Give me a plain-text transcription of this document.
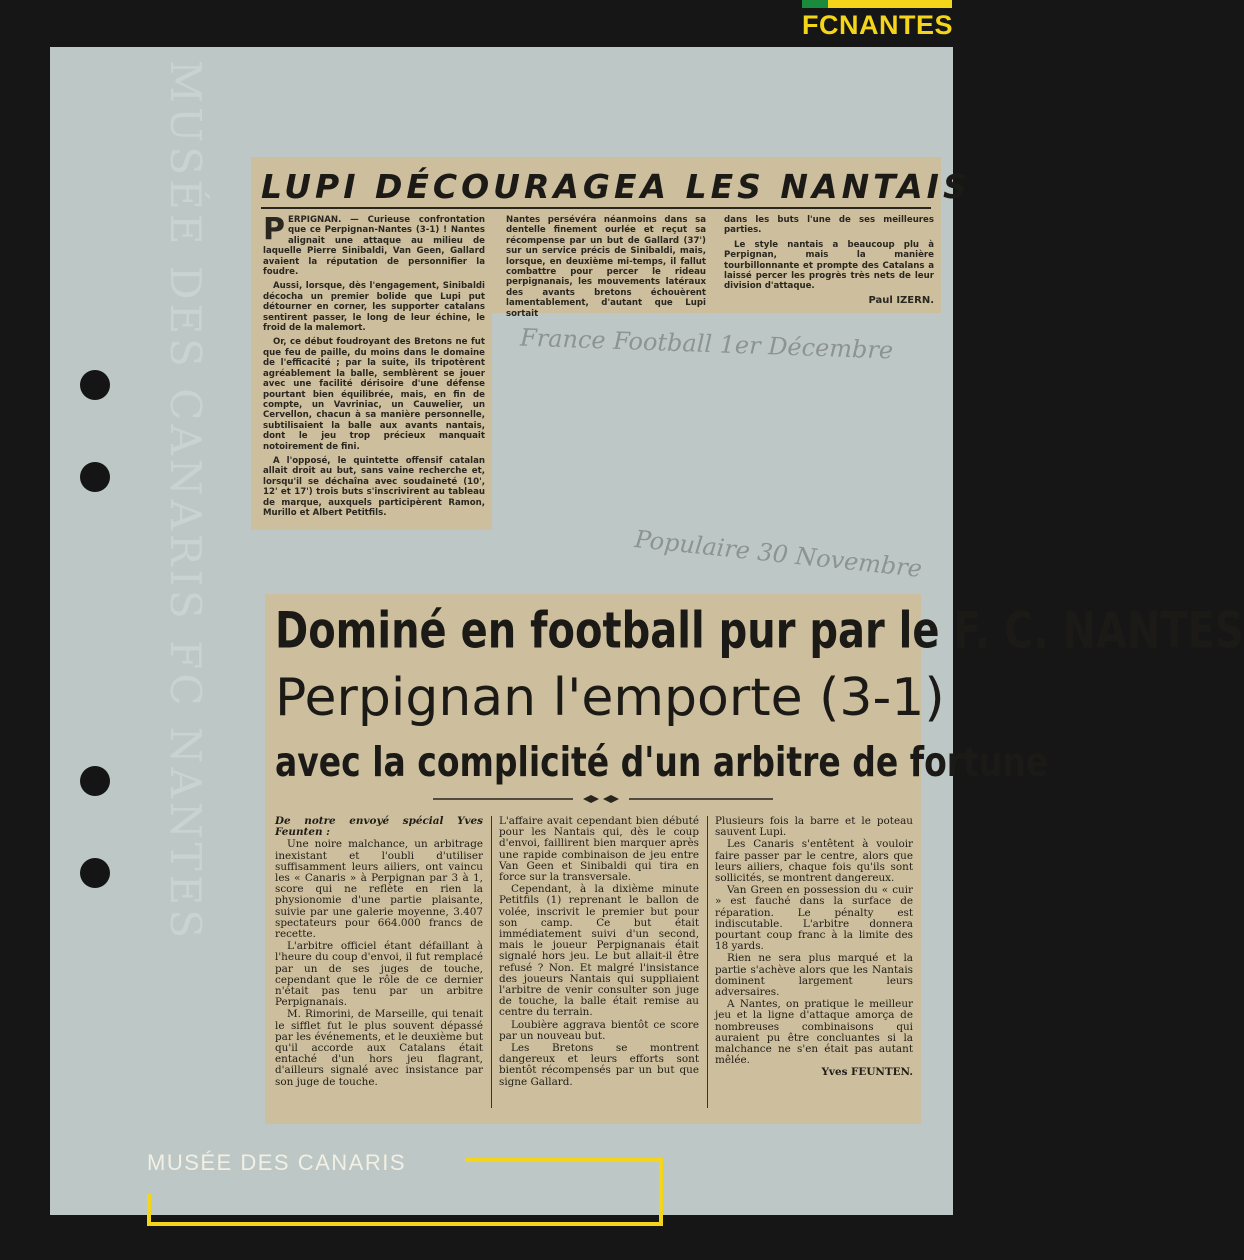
MUSÉE DES CANARIS FC NANTES
FCNANTES
LUPI DÉCOURAGEA LES NANTAIS
P ERPIGNAN. — Curieuse confrontation que ce Perpignan-Nantes (3-1) ! Nantes alignait une attaque au milieu de laquelle Pierre Sinibaldi, Van Geen, Gallard avaient la réputation de personnifier la foudre.

Aussi, lorsque, dès l'engagement, Sinibaldi décocha un premier bolide que Lupi put détourner en corner, les supporter catalans sentirent passer, le long de leur échine, le froid de la malemort.

Or, ce début foudroyant des Bretons ne fut que feu de paille, du moins dans le domaine de l'efficacité ; par la suite, ils tripotèrent agréablement la balle, semblèrent se jouer avec une facilité dérisoire d'une défense pourtant bien équilibrée, mais, en fin de compte, un Vavriniac, un Cauwelier, un Cervellon, chacun à sa manière personnelle, subtilisaient la balle aux avants nantais, dont le jeu trop précieux manquait notoirement de fini.

A l'opposé, le quintette offensif catalan allait droit au but, sans vaine recherche et, lorsqu'il se déchaîna avec soudaineté (10', 12' et 17') trois buts s'inscrivirent au tableau de marque, auxquels participèrent Ramon, Murillo et Albert Petitfils.

Nantes persévéra néanmoins dans sa dentelle finement ourlée et reçut sa récompense par un but de Gallard (37') sur un service précis de Sinibaldi, mais, lorsque, en deuxième mi-temps, il fallut combattre pour percer le rideau perpignanais, les mouvements latéraux des avants bretons échouèrent lamentablement, d'autant que Lupi sortait

dans les buts l'une de ses meilleures parties.

Le style nantais a beaucoup plu à Perpignan, mais la manière tourbillonnante et prompte des Catalans a laissé percer les progrès très nets de leur division d'attaque.

Paul IZERN.
France Football 1er Décembre
Populaire 30 Novembre
Dominé en football pur par le F. C. NANTES
Perpignan l'emporte (3-1)
avec la complicité d'un arbitre de fortune

De notre envoyé spécial Yves Feunten :

Une noire malchance, un arbitrage inexistant et l'oubli d'utiliser suffisamment leurs ailiers, ont vaincu les « Canaris » à Perpignan par 3 à 1, score qui ne reflète en rien la physionomie d'une partie plaisante, suivie par une galerie moyenne, 3.407 spectateurs pour 664.000 francs de recette.

L'arbitre officiel étant défaillant à l'heure du coup d'envoi, il fut remplacé par un de ses juges de touche, cependant que le rôle de ce dernier n'était pas tenu par un arbitre Perpignanais.

M. Rimorini, de Marseille, qui tenait le sifflet fut le plus souvent dépassé par les événements, et le deuxième but qu'il accorde aux Catalans était entaché d'un hors jeu flagrant, d'ailleurs signalé avec insistance par son juge de touche.

L'affaire avait cependant bien débuté pour les Nantais qui, dès le coup d'envoi, faillirent bien marquer après une rapide combinaison de jeu entre Van Geen et Sinibaldi qui tira en force sur la transversale.

Cependant, à la dixième minute Petitfils (1) reprenant le ballon de volée, inscrivit le premier but pour son camp. Ce but était immédiatement suivi d'un second, mais le joueur Perpignanais était signalé hors jeu. Le but allait-il être refusé ? Non. Et malgré l'insistance des joueurs Nantais qui suppliaient l'arbitre de venir consulter son juge de touche, la balle était remise au centre du terrain.

Loubière aggrava bientôt ce score par un nouveau but.

Les Bretons se montrent dangereux et leurs efforts sont bientôt récompensés par un but que signe Gallard.

Plusieurs fois la barre et le poteau sauvent Lupi.

Les Canaris s'entêtent à vouloir faire passer par le centre, alors que leurs ailiers, chaque fois qu'ils sont sollicités, se montrent dangereux.

Van Green en possession du « cuir » est fauché dans la surface de réparation. Le pénalty est indiscutable. L'arbitre donnera pourtant coup franc à la limite des 18 yards.

Rien ne sera plus marqué et la partie s'achève alors que les Nantais dominent largement leurs adversaires.

A Nantes, on pratique le meilleur jeu et la ligne d'attaque amorça de nombreuses combinaisons qui auraient pu être concluantes si la malchance ne s'en était pas autant mêlée.

Yves FEUNTEN.
MUSÉE DES CANARIS
